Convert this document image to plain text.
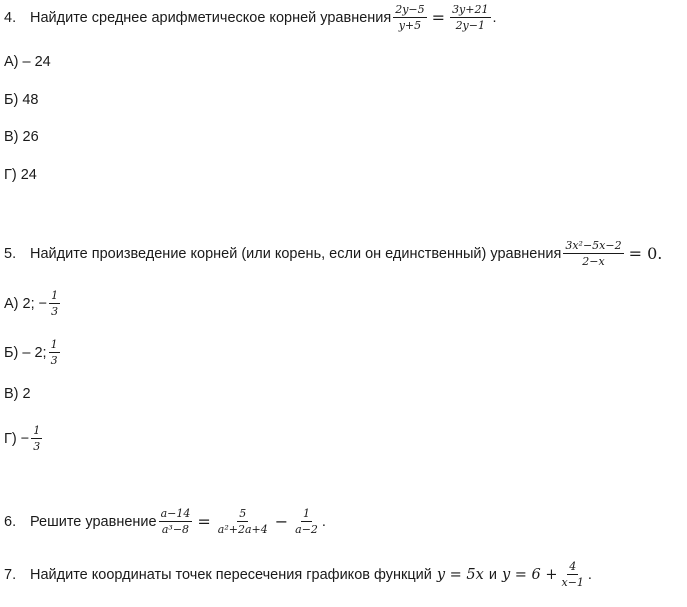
4. Найдите среднее арифметическое корней уравнения $\frac{2y-5}{y+5} = \frac{3y+21}{2y-1}$ .
А) – 24
Б) 48
В) 26
Г) 24
5. Найдите произведение корней (или корень, если он единственный) уравнения $\frac{\text{3x²−5x−2}}{2-x} = 0$.
А) 2; − $\frac{1}{3}$
Б) – 2; $\frac{1}{3}$
В) 2
$Г) - \frac{1}{3}$
6. Решите уравнение $\frac{a-14}{\text{a³−8}} = \frac{5}{\text{a²+2a+4}} - \frac{1}{a-2}$ .
7. Найдите координаты точек пересечения графиков функций y = 5x и $y = 6 + \frac{4}{x-1}$ .
